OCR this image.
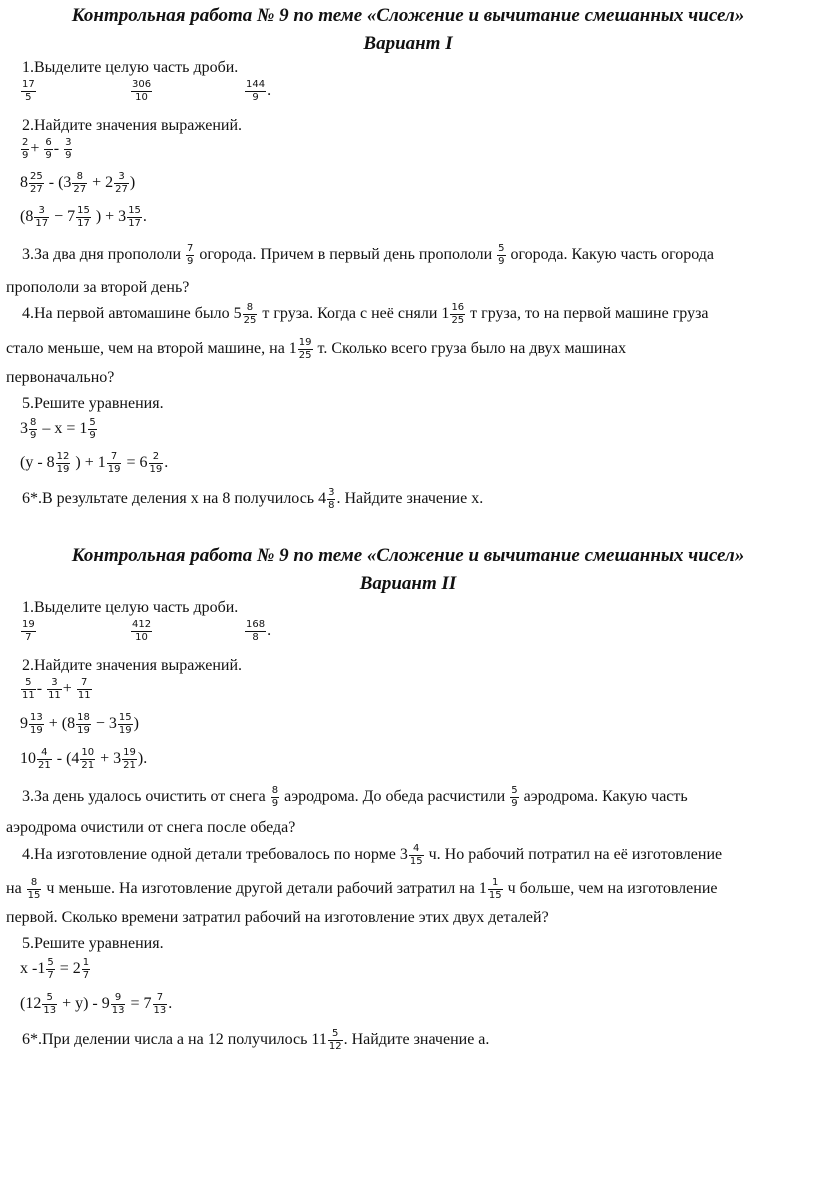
Контрольная работа № 9 по теме «Сложение и вычитание смешанных чисел»
Вариант I
1.Выделите целую часть дроби.
$\frac{17}{5}$	$\frac{306}{10}$	$\frac{144}{9}$ .
2.Найдите значения выражений.
$\frac{2}{9} + \frac{6}{9} - \frac{3}{9}$
$8 \frac{25}{27} - (3 \frac{8}{27} + 2 \frac{3}{27}$ )
($8 \frac{3}{17} - 7 \frac{15}{17}$ ) + $3 \frac{15}{17}$ .
3.За два дня пропололи $\frac{7}{9}$ огорода. Причем в первый день пропололи $\frac{5}{9}$ огорода. Какую часть огорода
пропололи за второй день?
4.На первой автомашине было $5 \frac{8}{25}$ т груза. Когда с неё сняли $1 \frac{16}{25}$ т груза, то на первой машине груза
стало меньше, чем на второй машине, на $1 \frac{19}{25} т$. Сколько всего груза было на двух машинах
первоначально?
5.Решите уравнения.
$3 \frac{8}{9} - х = 1 \frac{5}{9}$
($у - 8 \frac{12}{19}$ ) + $1 \frac{7}{19} = 6 \frac{2}{19}$ .
6*.В результате деления х на 8 получилось $4 \frac{3}{8}$ . Найдите значение х.
Контрольная работа № 9 по теме «Сложение и вычитание смешанных чисел»
Вариант II
1.Выделите целую часть дроби.
$\frac{19}{7}$	$\frac{412}{10}$	$\frac{168}{8}$ .
2.Найдите значения выражений.
$\frac{5}{11} - \frac{3}{11} + \frac{7}{11}$
$9 \frac{13}{19} + (8 \frac{18}{19} - 3 \frac{15}{19}$ )
$10 \frac{4}{21} - (4 \frac{10}{21} + 3 \frac{19}{21}$ ).
3.За день удалось очистить от снега $\frac{8}{9}$ аэродрома. До обеда расчистили $\frac{5}{9}$ аэродрома. Какую часть
аэродрома очистили от снега после обеда?
4.На изготовление одной детали требовалось по норме $3 \frac{4}{15} ч$. Но рабочий потратил на её изготовление
на $\frac{8}{15}$ ч меньше. На изготовление другой детали рабочий затратил на $1 \frac{1}{15}$ ч больше, чем на изготовление
первой. Сколько времени затратил рабочий на изготовление этих двух деталей?
5.Решите уравнения.
х $-1 \frac{5}{7} = 2 \frac{1}{7}$
$(12 \frac{5}{13} + у) - 9 \frac{9}{13} = 7 \frac{7}{13}$ .
6*.При делении числа а на 12 получилось $11 \frac{5}{12}$ . Найдите значение а.
